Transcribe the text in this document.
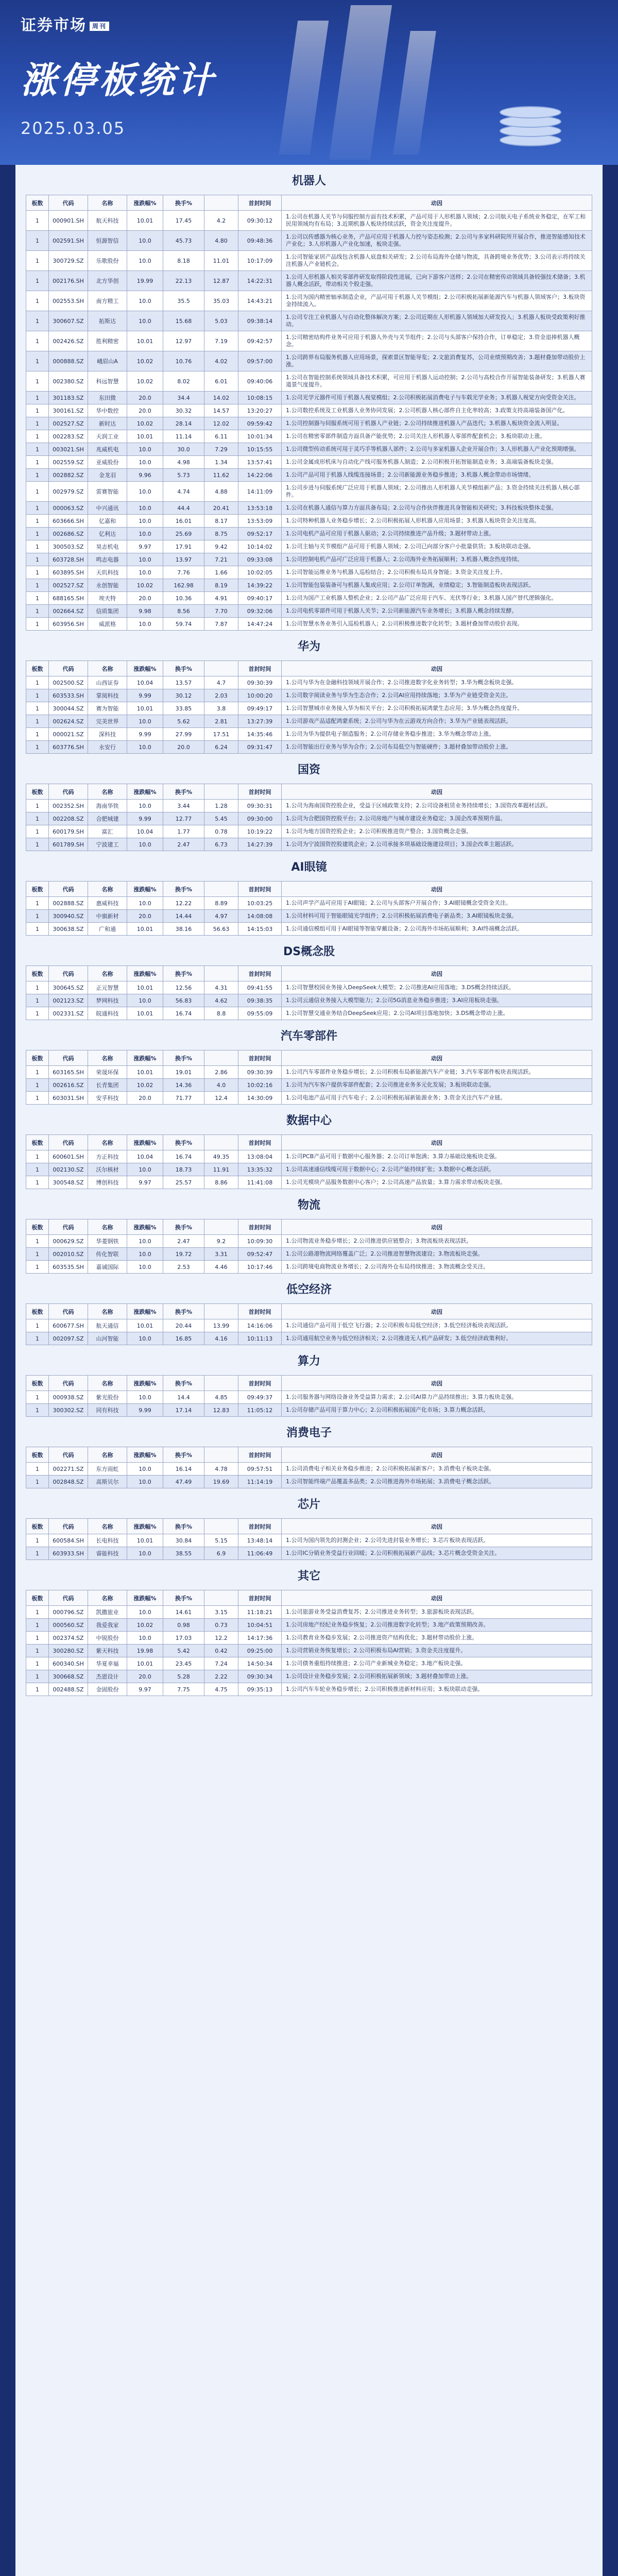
证券市场 周刊
涨停板统计
2025.03.05
机器人
板数	代码	名称	涨跌幅%	换手%		首封时间	动因
1	000901.SH	航天科技	10.01	17.45	4.2	09:30:12	1.公司在机器人关节与伺服控制方面有技术积累，产品可用于人形机器人领域；2.公司航天电子系统业务稳定，在军工和民用领域均有布局；3.近期机器人板块持续活跃，资金关注度提升。
1	002591.SH	恒源智信	10.0	45.73	4.80	09:48:36	1.公司以传感器为核心业务，产品可应用于机器人力控与姿态检测；2.公司与多家科研院所开展合作，推进智能感知技术产业化；3.人形机器人产业化加速，板块走强。
1	300729.SZ	乐歌股份	10.0	8.18	11.01	10:17:09	1.公司智能家居产品线包含机器人底盘相关研发；2.公司布局海外仓储与物流，具备跨境业务优势；3.公司表示将持续关注机器人产业链机会。
1	002176.SH	北方华创	19.99	22.13	12.87	14:22:31	1.公司人形机器人相关零部件研发取得阶段性进展，已向下游客户送样；2.公司在精密传动领域具备较强技术储备；3.机器人概念活跃，带动相关个股走强。
1	002553.SH	南方精工	10.0	35.5	35.03	14:43:21	1.公司为国内精密轴承制造企业，产品可用于机器人关节模组；2.公司积极拓展新能源汽车与机器人领域客户；3.板块资金持续流入。
1	300607.SZ	拓斯达	10.0	15.68	5.03	09:38:14	1.公司专注工业机器人与自动化整体解决方案；2.公司近期在人形机器人领域加大研发投入；3.机器人板块受政策利好推动。
1	002426.SZ	胜利精密	10.01	12.97	7.19	09:42:57	1.公司精密结构件业务可应用于机器人外壳与关节组件；2.公司与头部客户保持合作，订单稳定；3.资金追捧机器人概念。
1	000888.SZ	峨眉山A	10.02	10.76	4.02	09:57:00	1.公司跨界布局服务机器人应用场景，探索景区智能导览；2.文旅消费复苏，公司业绩预期改善；3.题材叠加带动股价上涨。
1	002380.SZ	科远智慧	10.02	8.02	6.01	09:40:06	1.公司在智能控制系统领域具备技术积累，可应用于机器人运动控制；2.公司与高校合作开展智能装备研发；3.机器人赛道景气度提升。
1	301183.SZ	东田微	20.0	34.4	14.02	10:08:15	1.公司光学元器件可用于机器人视觉模组；2.公司积极拓展消费电子与车载光学业务；3.机器人视觉方向受资金关注。
1	300161.SZ	华中数控	20.0	30.32	14.57	13:20:27	1.公司数控系统及工业机器人业务协同发展；2.公司机器人核心部件自主化率较高；3.政策支持高端装备国产化。
1	002527.SZ	新时达	10.02	28.14	12.02	09:59:42	1.公司控制器与伺服系统可用于机器人产业链；2.公司持续推进机器人产品迭代；3.机器人板块资金流入明显。
1	002283.SZ	天润工业	10.01	11.14	6.11	10:01:34	1.公司在精密零部件制造方面具备产能优势；2.公司关注人形机器人零部件配套机会；3.板块联动上涨。
1	003021.SH	兆威机电	10.0	30.0	7.29	10:15:55	1.公司微型传动系统可用于灵巧手等机器人部件；2.公司与多家机器人企业开展合作；3.人形机器人产业化预期增强。
1	002559.SZ	亚威股份	10.0	4.98	1.34	13:57:41	1.公司金属成形机床与自动化产线可服务机器人制造；2.公司积极开拓智能制造业务；3.高端装备板块走强。
1	002882.SZ	金龙羽	9.96	5.73	11.62	14:22:06	1.公司产品可用于机器人线缆连接场景；2.公司新能源业务稳步推进；3.机器人概念带动市场情绪。
1	002979.SZ	雷赛智能	10.0	4.74	4.88	14:11:09	1.公司步进与伺服系统广泛应用于机器人领域；2.公司推出人形机器人关节模组新产品；3.资金持续关注机器人核心部件。
1	000063.SZ	中兴通讯	10.0	44.4	20.41	13:53:18	1.公司在机器人通信与算力方面具备布局；2.公司与合作伙伴推进具身智能相关研究；3.科技板块整体走强。
1	603666.SH	亿嘉和	10.0	16.01	8.17	13:53:09	1.公司特种机器人业务稳步增长；2.公司积极拓展人形机器人应用场景；3.机器人板块资金关注度高。
1	002686.SZ	亿利达	10.0	25.69	8.75	09:52:17	1.公司电机产品可应用于机器人驱动；2.公司持续推进产品升级；3.题材带动上涨。
1	300503.SZ	昊志机电	9.97	17.91	9.42	10:14:02	1.公司主轴与关节模组产品可用于机器人领域；2.公司已向部分客户小批量供货；3.板块联动走强。
1	603728.SH	鸣志电器	10.0	13.97	7.21	09:33:08	1.公司控制电机产品可广泛应用于机器人；2.公司海外业务拓展顺利；3.机器人概念热度持续。
1	603895.SH	天玑科技	10.0	7.76	1.66	10:02:05	1.公司智能运维业务与机器人巡检结合；2.公司积极布局具身智能；3.资金关注度上升。
1	002527.SZ	永创智能	10.02	162.98	8.19	14:39:22	1.公司智能包装装备可与机器人集成应用；2.公司订单饱满，业绩稳定；3.智能制造板块表现活跃。
1	688165.SH	埃夫特	20.0	10.36	4.91	09:40:17	1.公司为国产工业机器人整机企业；2.公司产品广泛应用于汽车、光伏等行业；3.机器人国产替代逻辑强化。
1	002664.SZ	信质集团	9.98	8.56	7.70	09:32:06	1.公司电机零部件可用于机器人关节；2.公司新能源汽车业务增长；3.机器人概念持续发酵。
1	603956.SH	威派格	10.0	59.74	7.87	14:47:24	1.公司智慧水务业务引入巡检机器人；2.公司积极推进数字化转型；3.题材叠加带动股价表现。
华为
板数	代码	名称	涨跌幅%	换手%		首封时间	动因
1	002500.SZ	山西证券	10.04	13.57	4.7	09:30:39	1.公司与华为在金融科技领域开展合作；2.公司推进数字化业务转型；3.华为概念板块走强。
1	603533.SH	掌阅科技	9.99	30.12	2.03	10:00:20	1.公司数字阅读业务与华为生态合作；2.公司AI应用持续落地；3.华为产业链受资金关注。
1	300044.SZ	赛为智能	10.01	33.85	3.8	09:49:17	1.公司智慧城市业务接入华为相关平台；2.公司积极拓展鸿蒙生态应用；3.华为概念热度提升。
1	002624.SZ	完美世界	10.0	5.62	2.81	13:27:39	1.公司游戏产品适配鸿蒙系统；2.公司与华为在云游戏方向合作；3.华为产业链表现活跃。
1	000021.SZ	深科技	9.99	27.99	17.51	14:35:46	1.公司为华为提供电子制造服务；2.公司存储业务稳步推进；3.华为概念带动上涨。
1	603776.SH	永安行	10.0	20.0	6.24	09:31:47	1.公司智能出行业务与华为合作；2.公司布局低空与智能硬件；3.题材叠加带动股价上涨。
国资
板数	代码	名称	涨跌幅%	换手%		首封时间	动因
1	002352.SH	海南华铁	10.0	3.44	1.28	09:30:31	1.公司为海南国资控股企业，受益于区域政策支持；2.公司设备租赁业务持续增长；3.国资改革题材活跃。
1	002208.SZ	合肥城建	9.99	12.77	5.45	09:30:00	1.公司为合肥国资控股平台；2.公司房地产与城市建设业务稳定；3.国企改革预期升温。
1	600179.SH	富汇	10.04	1.77	0.78	10:19:22	1.公司为地方国资控股企业；2.公司积极推进资产整合；3.国资概念走强。
1	601789.SH	宁波建工	10.0	2.47	6.73	14:27:39	1.公司为宁波国资控股建筑企业；2.公司承接多项基础设施建设项目；3.国企改革主题活跃。
AI眼镜
板数	代码	名称	涨跌幅%	换手%		首封时间	动因
1	002888.SZ	惠威科技	10.0	12.22	8.89	10:03:25	1.公司声学产品可应用于AI眼镜；2.公司与头部客户开展合作；3.AI眼镜概念受资金关注。
1	300940.SZ	中旗新材	20.0	14.44	4.97	14:08:08	1.公司材料可用于智能眼镜光学组件；2.公司积极拓展消费电子新品类；3.AI眼镜板块走强。
1	300638.SZ	广和通	10.01	38.16	56.63	14:15:03	1.公司通信模组可用于AI眼镜等智能穿戴设备；2.公司海外市场拓展顺利；3.AI终端概念活跃。
DS概念股
板数	代码	名称	涨跌幅%	换手%		首封时间	动因
1	300645.SZ	正元智慧	10.01	12.56	4.31	09:41:55	1.公司智慧校园业务接入DeepSeek大模型；2.公司推进AI应用落地；3.DS概念持续活跃。
1	002123.SZ	梦网科技	10.0	56.83	4.62	09:38:35	1.公司云通信业务接入大模型能力；2.公司5G消息业务稳步推进；3.AI应用板块走强。
1	002331.SZ	皖通科技	10.01	16.74	8.8	09:55:09	1.公司智慧交通业务结合DeepSeek应用；2.公司AI项目落地加快；3.DS概念带动上涨。
汽车零部件
板数	代码	名称	涨跌幅%	换手%		首封时间	动因
1	603165.SH	荣晟环保	10.01	19.01	2.86	09:30:39	1.公司汽车零部件业务稳步增长；2.公司积极布局新能源汽车产业链；3.汽车零部件板块表现活跃。
1	002616.SZ	长青集团	10.02	14.36	4.0	10:02:16	1.公司为汽车客户提供零部件配套；2.公司推进业务多元化发展；3.板块联动走强。
1	603031.SH	安孚科技	20.0	71.77	12.4	14:30:09	1.公司电池产品可用于汽车电子；2.公司积极拓展新能源业务；3.资金关注汽车产业链。
数据中心
板数	代码	名称	涨跌幅%	换手%		首封时间	动因
1	600601.SH	方正科技	10.04	16.74	49.35	13:08:04	1.公司PCB产品可用于数据中心服务器；2.公司订单饱满；3.算力基础设施板块走强。
1	002130.SZ	沃尔核材	10.0	18.73	11.91	13:35:32	1.公司高速通信线缆可用于数据中心；2.公司产能持续扩张；3.数据中心概念活跃。
1	300548.SZ	博创科技	9.97	25.57	8.86	11:41:08	1.公司光模块产品服务数据中心客户；2.公司高速产品放量；3.算力需求带动板块走强。
物流
板数	代码	名称	涨跌幅%	换手%		首封时间	动因
1	000629.SZ	华菱钢铁	10.0	2.47	9.2	10:09:30	1.公司物流业务稳步增长；2.公司推进供应链整合；3.物流板块表现活跃。
1	002010.SZ	传化智联	10.0	19.72	3.31	09:52:47	1.公司公路港物流网络覆盖广泛；2.公司推进智慧物流建设；3.物流板块走强。
1	603535.SH	嘉诚国际	10.0	2.53	4.46	10:17:46	1.公司跨境电商物流业务增长；2.公司海外仓布局持续推进；3.物流概念受关注。
低空经济
板数	代码	名称	涨跌幅%	换手%		首封时间	动因
1	600677.SH	航天通信	10.01	20.44	13.99	14:16:06	1.公司通信产品可用于低空飞行器；2.公司积极布局低空经济；3.低空经济板块表现活跃。
1	002097.SZ	山河智能	10.0	16.85	4.16	10:11:13	1.公司通用航空业务与低空经济相关；2.公司推进无人机产品研发；3.低空经济政策利好。
算力
板数	代码	名称	涨跌幅%	换手%		首封时间	动因
1	000938.SZ	紫光股份	10.0	14.4	4.85	09:49:37	1.公司服务器与网络设备业务受益算力需求；2.公司AI算力产品持续推出；3.算力板块走强。
1	300302.SZ	同有科技	9.99	17.14	12.83	11:05:12	1.公司存储产品可用于算力中心；2.公司积极拓展国产化市场；3.算力概念活跃。
消费电子
板数	代码	名称	涨跌幅%	换手%		首封时间	动因
1	002271.SZ	东方雨虹	10.0	16.14	4.78	09:57:51	1.公司消费电子相关业务稳步推进；2.公司积极拓展新客户；3.消费电子板块走强。
1	002848.SZ	高斯贝尔	10.0	47.49	19.69	11:14:19	1.公司智能终端产品覆盖多品类；2.公司推进海外市场拓展；3.消费电子概念活跃。
芯片
板数	代码	名称	涨跌幅%	换手%		首封时间	动因
1	600584.SH	长电科技	10.01	30.84	5.15	13:48:14	1.公司为国内领先的封测企业；2.公司先进封装业务增长；3.芯片板块表现活跃。
1	603933.SH	睿能科技	10.0	38.55	6.9	11:06:49	1.公司IC分销业务受益行业回暖；2.公司积极拓展新产品线；3.芯片概念受资金关注。
其它
板数	代码	名称	涨跌幅%	换手%		首封时间	动因
1	000796.SZ	凯撒旅业	10.0	14.61	3.15	11:18:21	1.公司旅游业务受益消费复苏；2.公司推进业务转型；3.旅游板块表现活跃。
1	000560.SZ	我爱我家	10.02	0.98	0.73	10:04:51	1.公司房地产经纪业务稳步恢复；2.公司推进数字化转型；3.地产政策预期改善。
1	002374.SZ	中锐股份	10.0	17.03	12.2	14:17:36	1.公司教育业务稳步发展；2.公司推进资产结构优化；3.题材带动股价上涨。
1	300280.SZ	紫天科技	19.98	5.42	0.42	09:25:00	1.公司营销业务恢复增长；2.公司积极布局AI营销；3.资金关注度提升。
1	600340.SH	华夏幸福	10.01	23.45	7.24	14:50:34	1.公司债务重组持续推进；2.公司产业新城业务稳定；3.地产板块走强。
1	300668.SZ	杰恩设计	20.0	5.28	2.22	09:30:34	1.公司设计业务稳步发展；2.公司积极拓展新领域；3.题材叠加带动上涨。
1	002488.SZ	金固股份	9.97	7.75	4.75	09:35:13	1.公司汽车车轮业务稳步增长；2.公司积极推进新材料应用；3.板块联动走强。
